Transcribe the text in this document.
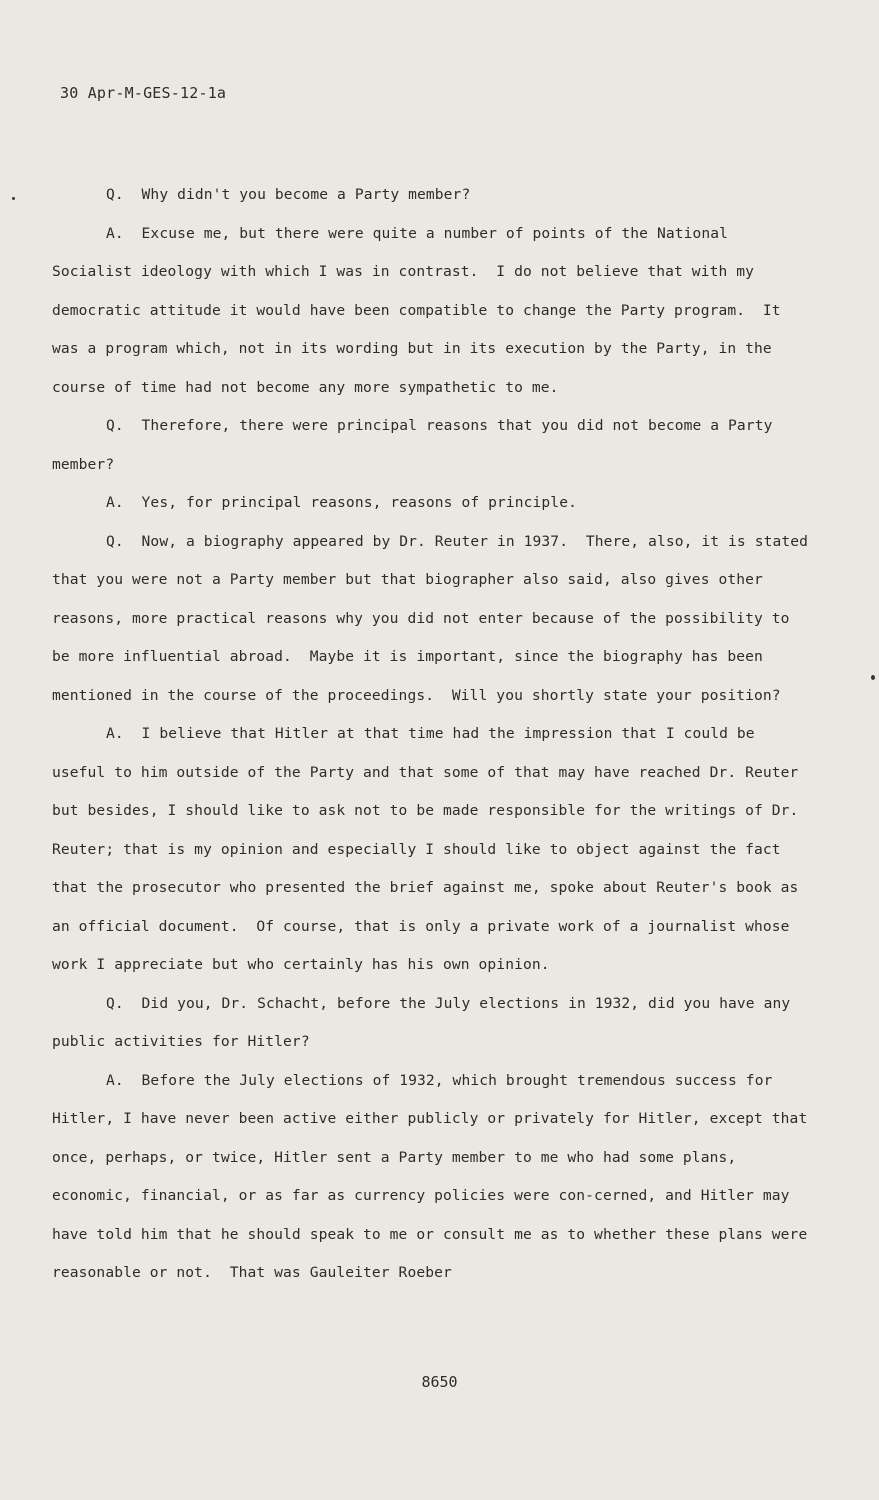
30 Apr-M-GES-12-1a

Q.  Why didn't you become a Party member?

A.  Excuse me, but there were quite a number of points of the National Socialist ideology with which I was in contrast.  I do not believe that with my democratic attitude it would have been compatible to change the Party program.  It was a program which, not in its wording but in its execution by the Party, in the course of time had not become any more sympathetic to me.

Q.  Therefore, there were principal reasons that you did not become a Party member?

A.  Yes, for principal reasons, reasons of principle.

Q.  Now, a biography appeared by Dr. Reuter in 1937.  There, also, it is stated that you were not a Party member but that biographer also said, also gives other reasons, more practical reasons why you did not enter because of the possibility to be more influential abroad.  Maybe it is important, since the biography has been mentioned in the course of the proceedings.  Will you shortly state your position?

A.  I believe that Hitler at that time had the impression that I could be useful to him outside of the Party and that some of that may have reached Dr. Reuter but besides, I should like to ask not to be made responsible for the writings of Dr. Reuter; that is my opinion and especially I should like to object against the fact that the prosecutor who presented the brief against me, spoke about Reuter's book as an official document.  Of course, that is only a private work of a journalist whose work I appreciate but who certainly has his own opinion.

Q.  Did you, Dr. Schacht, before the July elections in 1932, did you have any public activities for Hitler?

A.  Before the July elections of 1932, which brought tremendous success for Hitler, I have never been active either publicly or privately for Hitler, except that once, perhaps, or twice, Hitler sent a Party member to me who had some plans, economic, financial, or as far as currency policies were con-cerned, and Hitler may have told him that he should speak to me or consult me as to whether these plans were reasonable or not.  That was Gauleiter Roeber

8650
